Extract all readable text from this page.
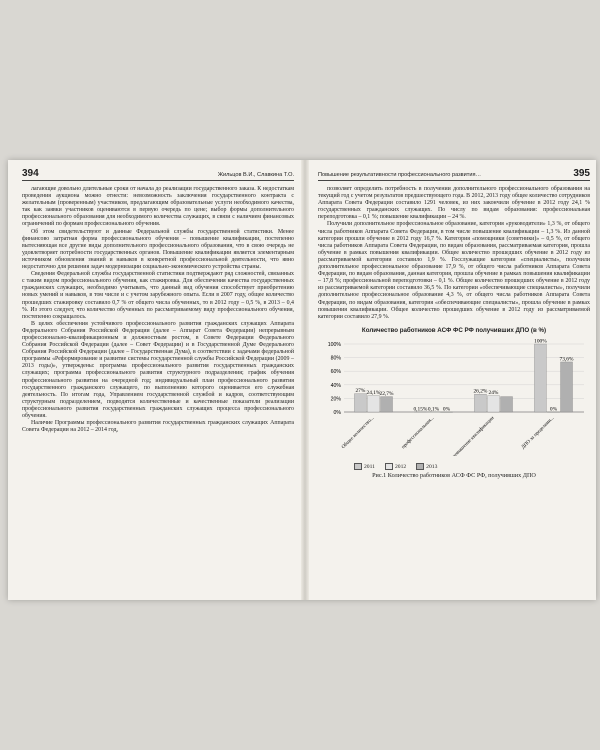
394	Жильцов В.И., Славкина Т.О.

лагающие довольно длительные сроки от начала до реализации государственного заказа. К недостаткам проведения аукциона можно отнести: невозможность заключения государственного контракта с желательным (проверенным) участником, предлагающим образовательные услуги необходимого качества, так как заявки участников оцениваются в первую очередь по цене; выбор формы дополнительного профессионального образования для необходимого количества служащих, в связи с наличием финансовых ограничений по формам профессионального обучения.

Об этом свидетельствуют и данные Федеральной службы государственной статистики. Менее финансово затратная форма профессионального обучения – повышение квалификации, постепенно вытесняющая все другие виды дополнительного профессионального образования, что в свою очередь не удовлетворяет потребности государственных органов. Повышение квалификации является элементарным источником обновления знаний и навыков в конкретной профессиональной деятельности, что явно недостаточно для решения задач модернизации социально-экономического устройства страны.

Сведения Федеральной службы государственной статистики подтверждают ряд сложностей, связанных с таким видом профессионального обучения, как стажировка. Для обеспечения качества государственных гражданских служащих, необходимо учитывать, что данный вид обучения способствует приобретению новых умений и навыков, в том числе и с учетом зарубежного опыта. Если в 2007 году, общее количество прошедших стажировку составило 0,7 % от общего числа обученных, то в 2012 году – 0,5 %, в 2013 – 0,4 %. Из этого следует, что количество обученных по рассматриваемому виду профессионального обучения, постепенно сокращалось.

В целях обеспечения устойчивого профессионального развития гражданских служащих Аппарата Федерального Собрания Российской Федерации (далее – Аппарат Совета Федерации) непрерывным профессионально-квалификационным и должностным ростом, в Совете Федерации Федерального Собрания Российской Федерации (далее – Совет Федерации) и в Государственной Думе Федерального Собрания Российской Федерации (далее – Государственная Дума), в соответствии с задачами федеральной программы «Реформирование и развитие системы государственной службы Российской Федерации (2009 – 2013 годы)», утверждены: программа профессионального развития государственных гражданских служащих; программа профессионального развития структурного подразделения; график обучения профессионального развития на очередной год; индивидуальный план профессионального развития государственного гражданского служащего, по выполнению которого оценивается его служебная деятельность. По итогам года, Управлением государственной службой и кадров, соответствующим структурным подразделением, подводятся количественные и качественные показатели реализации профессионального развития государственных гражданских служащих процесса профессионального обучения.

Наличие Программы профессионального развития государственных гражданских служащих Аппарата Совета Федерации на 2012 – 2014 год,

Повышение результативности профессионального развития…	395

позволяет определить потребность в получении дополнительного профессионального образования на текущий год с учетом результатов предшествующего года. В 2012, 2013 году общее количество сотрудников Аппарата Совета Федерации составило 1291 человек, из них закончили обучение в 2012 году 24,1 % государственных гражданских служащих. По числу по видам образования: профессиональная переподготовка – 0,1 %; повышение квалификации – 24 %.

Получили дополнительное профессиональное образование, категория «руководители» 1,3 %, от общего числа работников Аппарата Совета Федерации, в том числе повышение квалификации – 1,3 %. Из данной категории прошли обучение в 2012 году 16,7 %. Категория «помощники (советники)» – 0,5 %, от общего числа работников Аппарата Совета Федерации, по видам образования, рассматриваемая категория, прошла обучение в рамках повышения квалификации. Общее количество прошедших обучение в 2012 году из рассматриваемой категории составило 1,9 %. Госслужащие категории «специалисты», получили дополнительное профессиональное образование 17,9 %, от общего числа работников Аппарата Совета Федерации, по видам образования, данная категория, прошла обучение в рамках повышения квалификации – 17,8 %; профессиональной переподготовки – 0,1 %. Общее количество прошедших обучение в 2012 году из рассматриваемой категории составило 36,5 %. По категории «обеспечивающие специалисты», получили дополнительное профессиональное образование 4,3 %, от общего числа работников Аппарата Совета Федерации, по видам образования, категория «обеспечивающие специалисты», прошла обучение в рамках повышения квалификации. Общее количество прошедших обучение в 2012 году из рассматриваемой категории составило 27,9 %.

Количество работников АСФ ФС РФ получивших ДПО (в %)
0%
20%
40%
60%
80%
100%
27% 24,1% 22,7%
Общее количество...
0,15% 0,1% 0%
профессиональная...
26,2% 24%
повышение квалификации
100%
0%
73,6%
ДПО за пределами...
2011	2012	2013
Рис.1 Количество работников АСФ ФС РФ, получивших ДПО
